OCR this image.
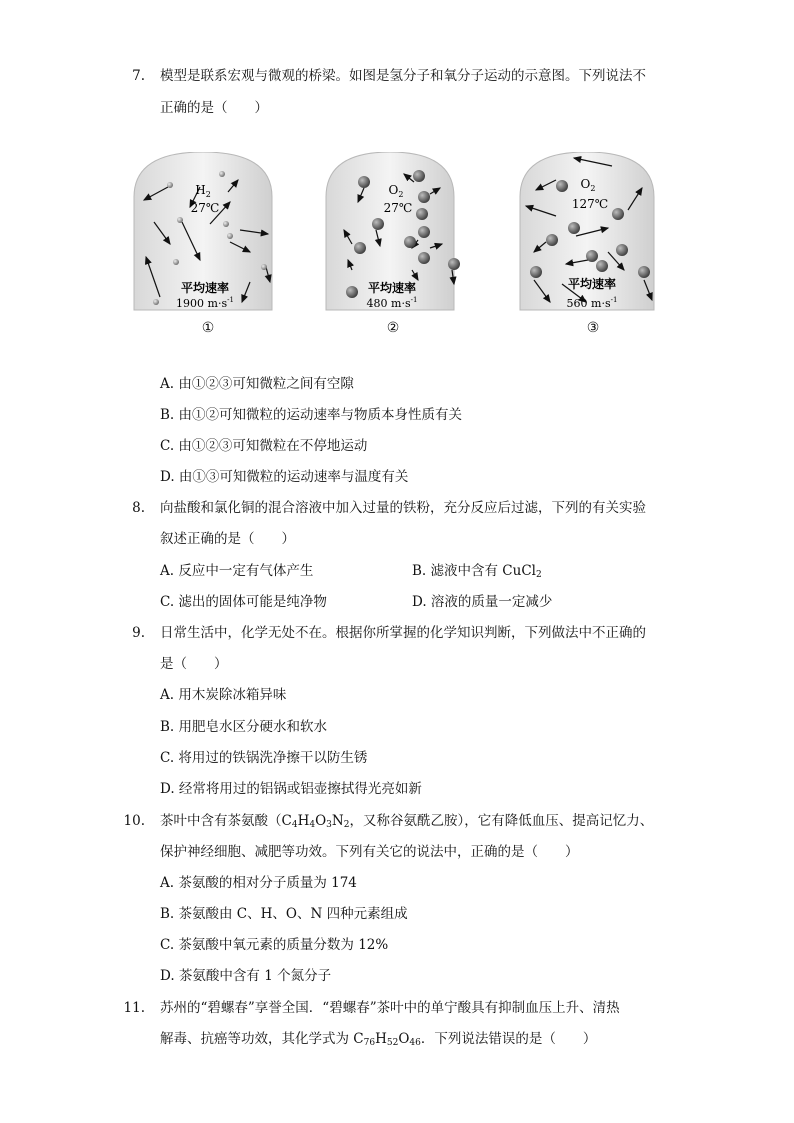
7. 模型是联系宏观与微观的桥梁。如图是氢分子和氧分子运动的示意图。下列说法不
正确的是（　　）
$H_2$
27℃
平均速率
1900 $m\cdot s^{-1}$
$O_2$
27℃
平均速率
480 $m\cdot s^{-1}$
$O_2$
127℃
平均速率
560 $m\cdot s^{-1}$
①	②	③
A. 由①②③可知微粒之间有空隙
B. 由①②可知微粒的运动速率与物质本身性质有关
C. 由①②③可知微粒在不停地运动
D. 由①③可知微粒的运动速率与温度有关
8. 向盐酸和氯化铜的混合溶液中加入过量的铁粉，充分反应后过滤，下列的有关实验
叙述正确的是（　　）
A. 反应中一定有气体产生	B. 滤液中含有 CuCl$_2$
C. 滤出的固体可能是纯净物	D. 溶液的质量一定减少
9. 日常生活中，化学无处不在。根据你所掌握的化学知识判断，下列做法中不正确的
是（　　）
A. 用木炭除冰箱异味
B. 用肥皂水区分硬水和软水
C. 将用过的铁锅洗净擦干以防生锈
D. 经常将用过的铝锅或铝壶擦拭得光亮如新
10. 茶叶中含有茶氨酸（$C_4H_4O_3N_2$，又称谷氨酰乙胺），它有降低血压、提高记忆力、
保护神经细胞、减肥等功效。下列有关它的说法中，正确的是（　　）
A. 茶氨酸的相对分子质量为 174
B. 茶氨酸由 C、H、O、N 四种元素组成
C. 茶氨酸中氧元素的质量分数为 12%
D. 茶氨酸中含有 1 个氮分子
11. 苏州的“碧螺春”享誉全国．“碧螺春”茶叶中的单宁酸具有抑制血压上升、清热
解毒、抗癌等功效，其化学式为 $C_{76}H_{52}O_{46}$．下列说法错误的是（　　）
